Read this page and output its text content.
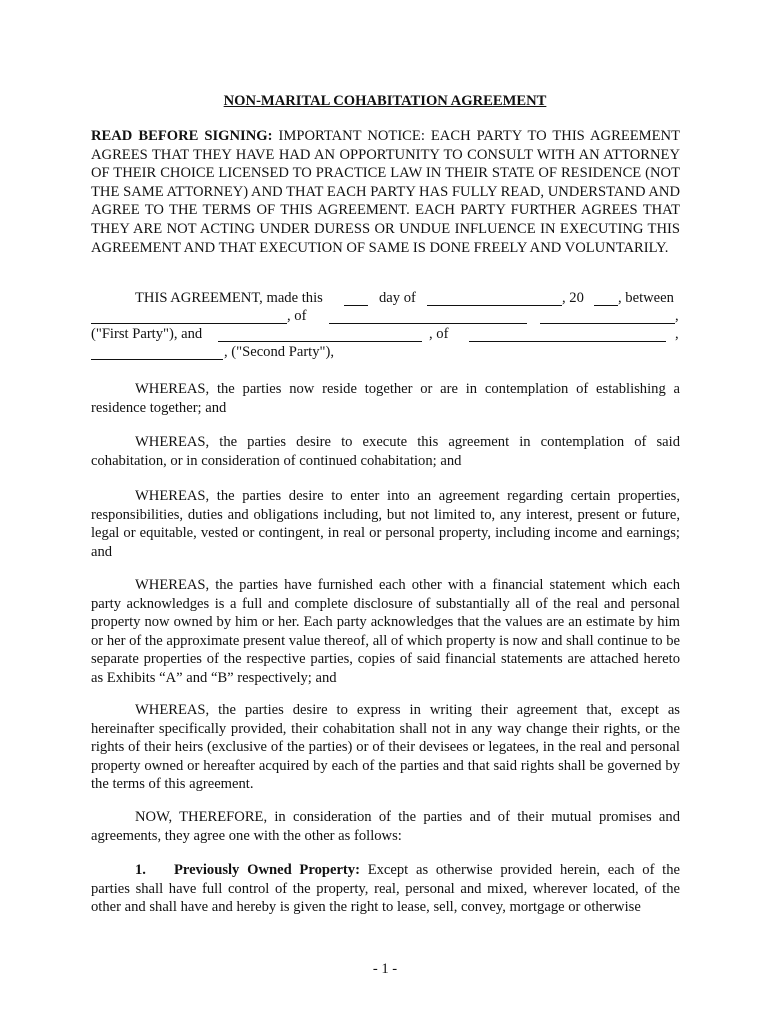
NON-MARITAL COHABITATION AGREEMENT

READ BEFORE SIGNING: IMPORTANT NOTICE: EACH PARTY TO THIS AGREEMENT AGREES THAT THEY HAVE HAD AN OPPORTUNITY TO CONSULT WITH AN ATTORNEY OF THEIR CHOICE LICENSED TO PRACTICE LAW IN THEIR STATE OF RESIDENCE (NOT THE SAME ATTORNEY) AND THAT EACH PARTY HAS FULLY READ, UNDERSTAND AND AGREE TO THE TERMS OF THIS AGREEMENT. EACH PARTY FURTHER AGREES THAT THEY ARE NOT ACTING UNDER DURESS OR UNDUE INFLUENCE IN EXECUTING THIS AGREEMENT AND THAT EXECUTION OF SAME IS DONE FREELY AND VOLUNTARILY.

THIS AGREEMENT, made this	day of	, 20 , between
, of	,
("First Party"), and	, of	,
, ("Second Party"),

WHEREAS, the parties now reside together or are in contemplation of establishing a residence together; and

WHEREAS, the parties desire to execute this agreement in contemplation of said cohabitation, or in consideration of continued cohabitation; and

WHEREAS, the parties desire to enter into an agreement regarding certain properties, responsibilities, duties and obligations including, but not limited to, any interest, present or future, legal or equitable, vested or contingent, in real or personal property, including income and earnings; and

WHEREAS, the parties have furnished each other with a financial statement which each party acknowledges is a full and complete disclosure of substantially all of the real and personal property now owned by him or her. Each party acknowledges that the values are an estimate by him or her of the approximate present value thereof, all of which property is now and shall continue to be separate properties of the respective parties, copies of said financial statements are attached hereto as Exhibits “A” and “B” respectively; and

WHEREAS, the parties desire to express in writing their agreement that, except as hereinafter specifically provided, their cohabitation shall not in any way change their rights, or the rights of their heirs (exclusive of the parties) or of their devisees or legatees, in the real and personal property owned or hereafter acquired by each of the parties and that said rights shall be governed by the terms of this agreement.

NOW, THEREFORE, in consideration of the parties and of their mutual promises and agreements, they agree one with the other as follows:

1. Previously Owned Property: Except as otherwise provided herein, each of the parties shall have full control of the property, real, personal and mixed, wherever located, of the other and shall have and hereby is given the right to lease, sell, convey, mortgage or otherwise

- 1 -
